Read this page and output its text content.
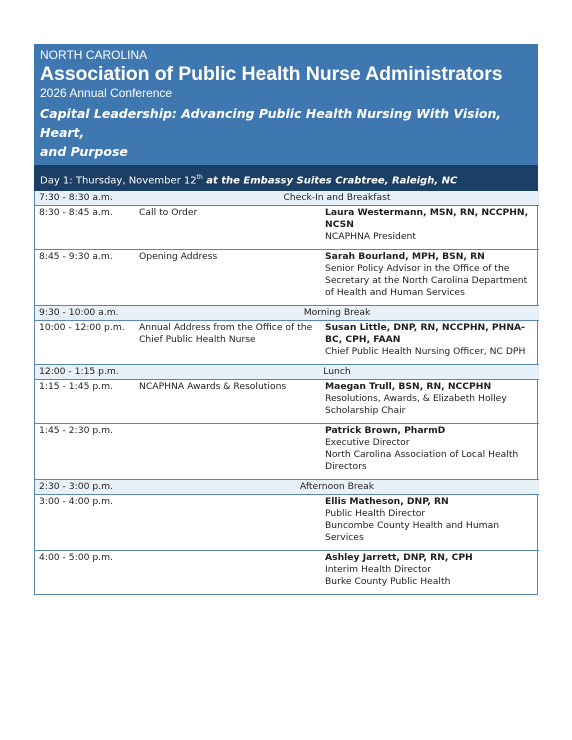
NORTH CAROLINA
Association of Public Health Nurse Administrators
2026 Annual Conference
Capital Leadership: Advancing Public Health Nursing With Vision, Heart,
and Purpose
Day 1: Thursday, November 12th at the Embassy Suites Crabtree, Raleigh, NC
7:30 - 8:30 a.m.	Check-In and Breakfast	
8:30 - 8:45 a.m.	Call to Order	Laura Westermann, MSN, RN, NCCPHN, NCSN
NCAPHNA President

8:45 - 9:30 a.m.	Opening Address	Sarah Bourland, MPH, BSN, RN
Senior Policy Advisor in the Office of the Secretary at the North Carolina Department of Health and Human Services

9:30 - 10:00 a.m.	Morning Break	
10:00 - 12:00 p.m.	Annual Address from the Office of the Chief Public Health Nurse	Susan Little, DNP, RN, NCCPHN, PHNA-BC, CPH, FAAN
Chief Public Health Nursing Officer, NC DPH

12:00 - 1:15 p.m.	Lunch	
1:15 - 1:45 p.m.	NCAPHNA Awards & Resolutions	Maegan Trull, BSN, RN, NCCPHN
Resolutions, Awards, & Elizabeth Holley Scholarship Chair

1:45 - 2:30 p.m.		Patrick Brown, PharmD
Executive Director
North Carolina Association of Local Health Directors

2:30 - 3:00 p.m.	Afternoon Break	
3:00 - 4:00 p.m.		Ellis Matheson, DNP, RN
Public Health Director
Buncombe County Health and Human Services

4:00 - 5:00 p.m.		Ashley Jarrett, DNP, RN, CPH
Interim Health Director
Burke County Public Health
